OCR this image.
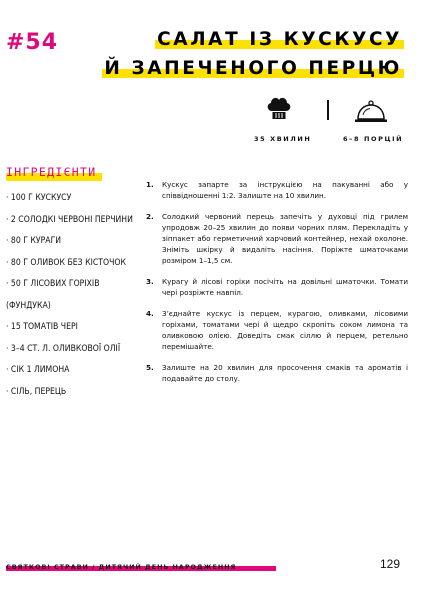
#54	САЛАТ ІЗ КУСКУСУ
Й ЗАПЕЧЕНОГО ПЕРЦЮ
35 ХВИЛИН	6–8 ПОРЦІЙ
ІНГРЕДІЄНТИ
· 100 Г КУСКУСУ
· 2 СОЛОДКІ ЧЕРВОНІ ПЕРЧИНИ
· 80 Г КУРАГИ
· 80 Г ОЛИВОК БЕЗ КІСТОЧОК
· 50 Г ЛІСОВИХ ГОРІХІВ
(ФУНДУКА)
· 15 ТОМАТІВ ЧЕРІ
· 3–4 СТ. Л. ОЛИВКОВОЇ ОЛІЇ
· СІК 1 ЛИМОНА
· СІЛЬ, ПЕРЕЦЬ
1.	Кускус запарте за інструкцією на пакуванні або у співвідношенні 1:2. Залиште на 10 хвилин.
2.	Солодкий червоний перець запечіть у духовці під грилем упродовж 20–25 хвилин до появи чорних плям. Перекладіть у зіппакет або герметичний харчовий контейнер, нехай охолоне. Зніміть шкірку й видаліть насіння. Поріжте шматочками розміром 1–1,5 см.
3.	Курагу й лісові горіхи посічіть на довільні шматочки. Томати чері розріжте навпіл.
4.	З’єднайте кускус із перцем, курагою, оливками, лісовими горіхами, томатами чері й щедро скропіть соком лимона та оливковою олією. Доведіть смак сіллю й перцем, ретельно перемішайте.
5.	Залиште на 20 хвилин для просочення смаків та ароматів і подавайте до столу.
СВЯТКОВІ СТРАВИ / ДИТЯЧИЙ ДЕНЬ НАРОДЖЕННЯ	129
